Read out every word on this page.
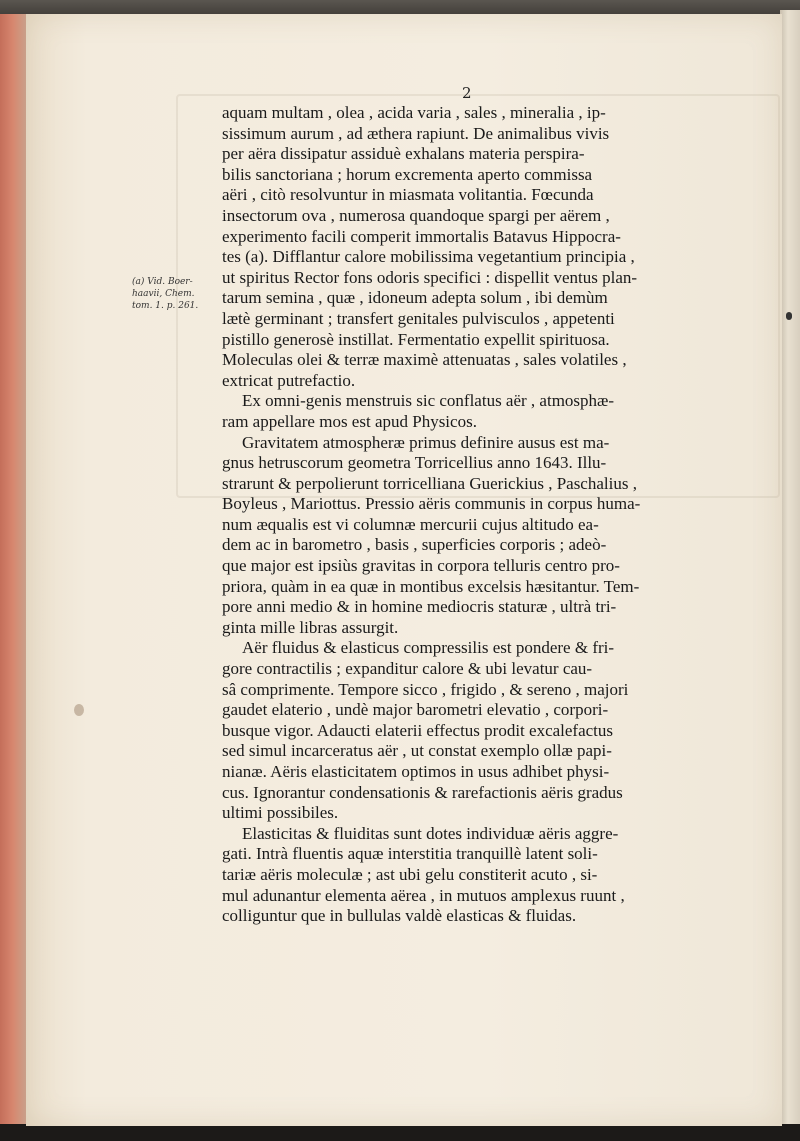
2
(a) Vid. Boer-
haavii, Chem.
tom. 1. p. 261.
aquam multam , olea , acida varia , sales , mineralia , ip-
sissimum aurum , ad æthera rapiunt. De animalibus vivis
per aëra dissipatur assiduè exhalans materia perspira-
bilis sanctoriana ; horum excrementa aperto commissa
aëri , citò resolvuntur in miasmata volitantia. Fœcunda
insectorum ova , numerosa quandoque spargi per aërem ,
experimento facili comperit immortalis Batavus Hippocra-
tes (a). Difflantur calore mobilissima vegetantium principia ,
ut spiritus Rector fons odoris specifici : dispellit ventus plan-
tarum semina , quæ , idoneum adepta solum , ibi demùm
lætè germinant ; transfert genitales pulvisculos , appetenti
pistillo generosè instillat. Fermentatio expellit spirituosa.
Moleculas olei & terræ maximè attenuatas , sales volatiles ,
extricat putrefactio.
Ex omni-genis menstruis sic conflatus aër , atmosphæ-
ram appellare mos est apud Physicos.
Gravitatem atmospheræ primus definire ausus est ma-
gnus hetruscorum geometra Torricellius anno 1643. Illu-
strarunt & perpolierunt torricelliana Guerickius , Paschalius ,
Boyleus , Mariottus. Pressio aëris communis in corpus huma-
num æqualis est vi columnæ mercurii cujus altitudo ea-
dem ac in barometro , basis , superficies corporis ; adeò-
que major est ipsiùs gravitas in corpora telluris centro pro-
priora, quàm in ea quæ in montibus excelsis hæsitantur. Tem-
pore anni medio & in homine mediocris staturæ , ultrà tri-
ginta mille libras assurgit.
Aër fluidus & elasticus compressilis est pondere & fri-
gore contractilis ; expanditur calore & ubi levatur cau-
sâ comprimente. Tempore sicco , frigido , & sereno , majori
gaudet elaterio , undè major barometri elevatio , corpori-
busque vigor. Adaucti elaterii effectus prodit excalefactus
sed simul incarceratus aër , ut constat exemplo ollæ papi-
nianæ. Aëris elasticitatem optimos in usus adhibet physi-
cus. Ignorantur condensationis & rarefactionis aëris gradus
ultimi possibiles.
Elasticitas & fluiditas sunt dotes individuæ aëris aggre-
gati. Intrà fluentis aquæ interstitia tranquillè latent soli-
tariæ aëris moleculæ ; ast ubi gelu constiterit acuto , si-
mul adunantur elementa aërea , in mutuos amplexus ruunt ,
colliguntur que in bullulas valdè elasticas & fluidas.
